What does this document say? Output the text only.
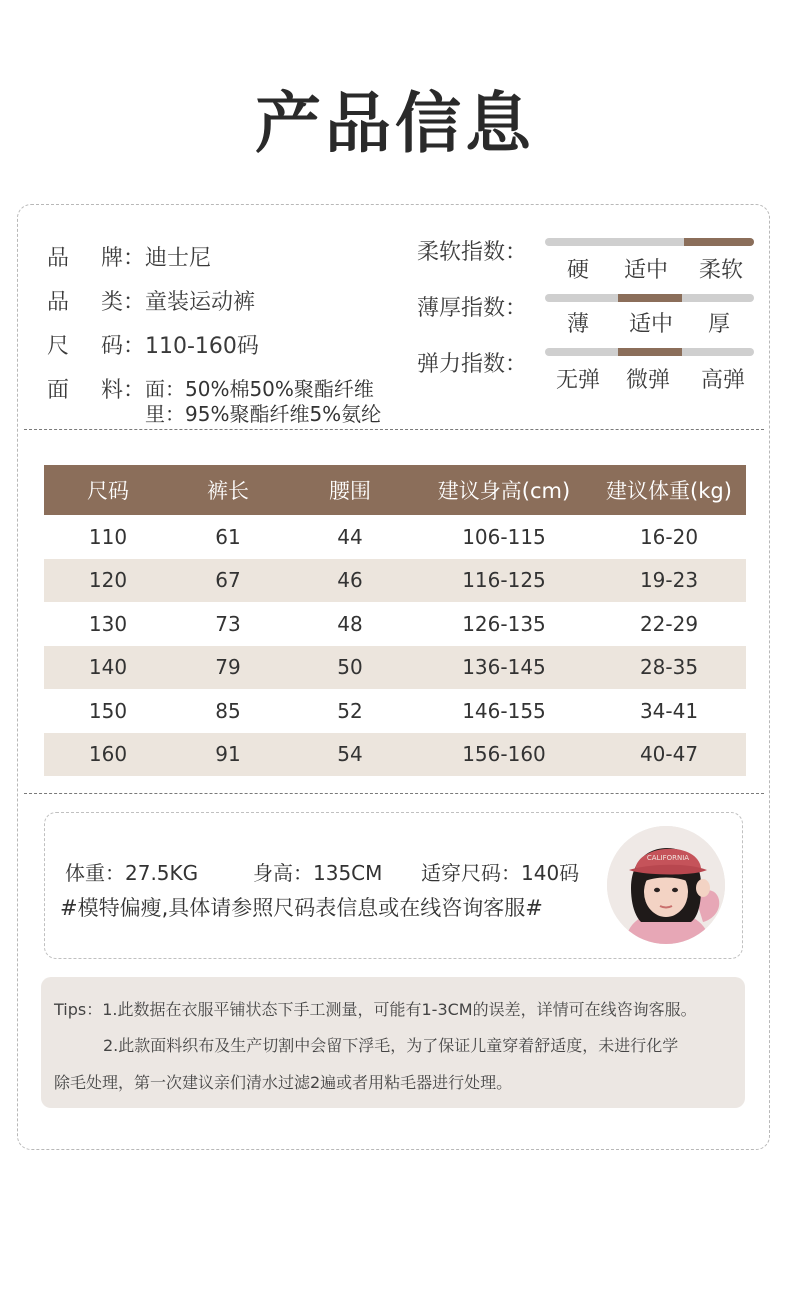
产品信息
品 牌： 迪士尼
品 类： 童装运动裤
尺 码： 110-160码
面 料： 面：50%棉50%聚酯纤维
里：95%聚酯纤维5%氨纶
柔软指数：
硬	适中	柔软
薄厚指数：
薄	适中	厚
弹力指数：
无弹	微弹	高弹
尺码	裤长	腰围	建议身高(cm)	建议体重(kg)
110	61	44	106-115	16-20
120	67	46	116-125	19-23
130	73	48	126-135	22-29
140	79	50	136-145	28-35
150	85	52	146-155	34-41
160	91	54	156-160	40-47
体重：27.5KG	身高：135CM	适穿尺码：140码
#模特偏瘦,具体请参照尺码表信息或在线咨询客服#
CALIFORNIA
Tips：1.此数据在衣服平铺状态下手工测量，可能有1-3CM的误差，详情可在线咨询客服。
2.此款面料织布及生产切割中会留下浮毛，为了保证儿童穿着舒适度，未进行化学
除毛处理，第一次建议亲们清水过滤2遍或者用粘毛器进行处理。
